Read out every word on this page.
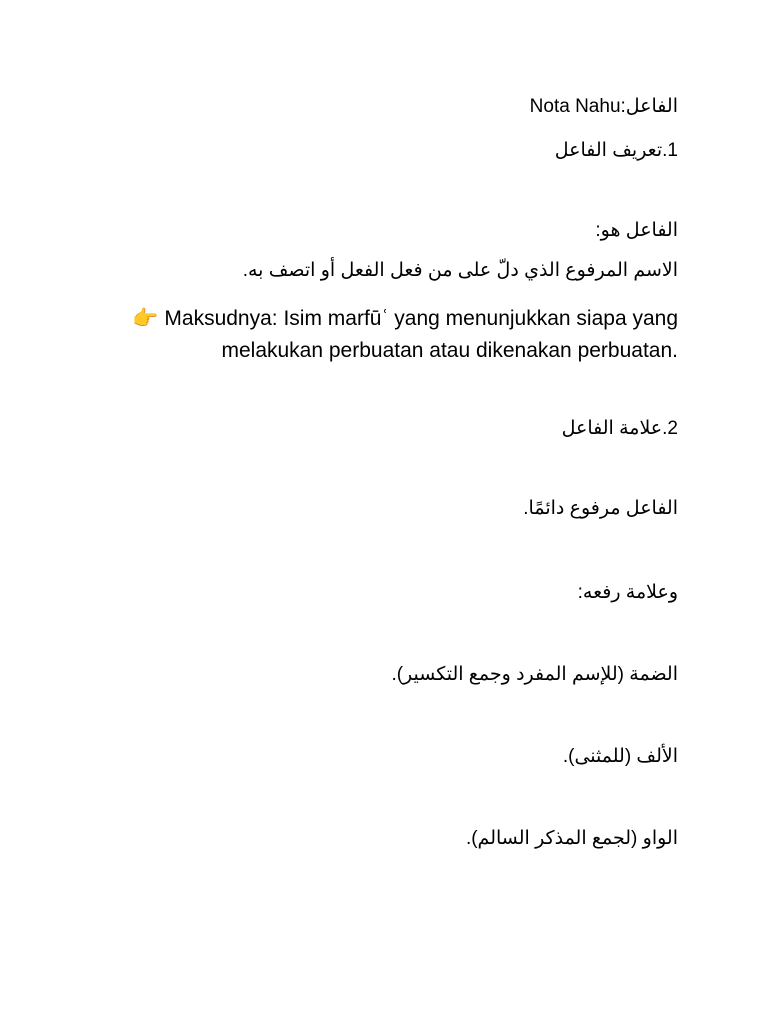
الفاعلNota Nahu:
.1تعريف الفاعل
الفاعل هو:
الاسم المرفوع الذي دلّ على من فعل الفعل أو اتصف به.
👉 Maksudnya: Isim marfūʿ yang menunjukkan siapa yang
melakukan perbuatan atau dikenakan perbuatan.
.2علامة الفاعل
الفاعل مرفوع دائمًا.
وعلامة رفعه:
الضمة (للإسم المفرد وجمع التكسير).
الألف (للمثنى).
الواو (لجمع المذكر السالم).
